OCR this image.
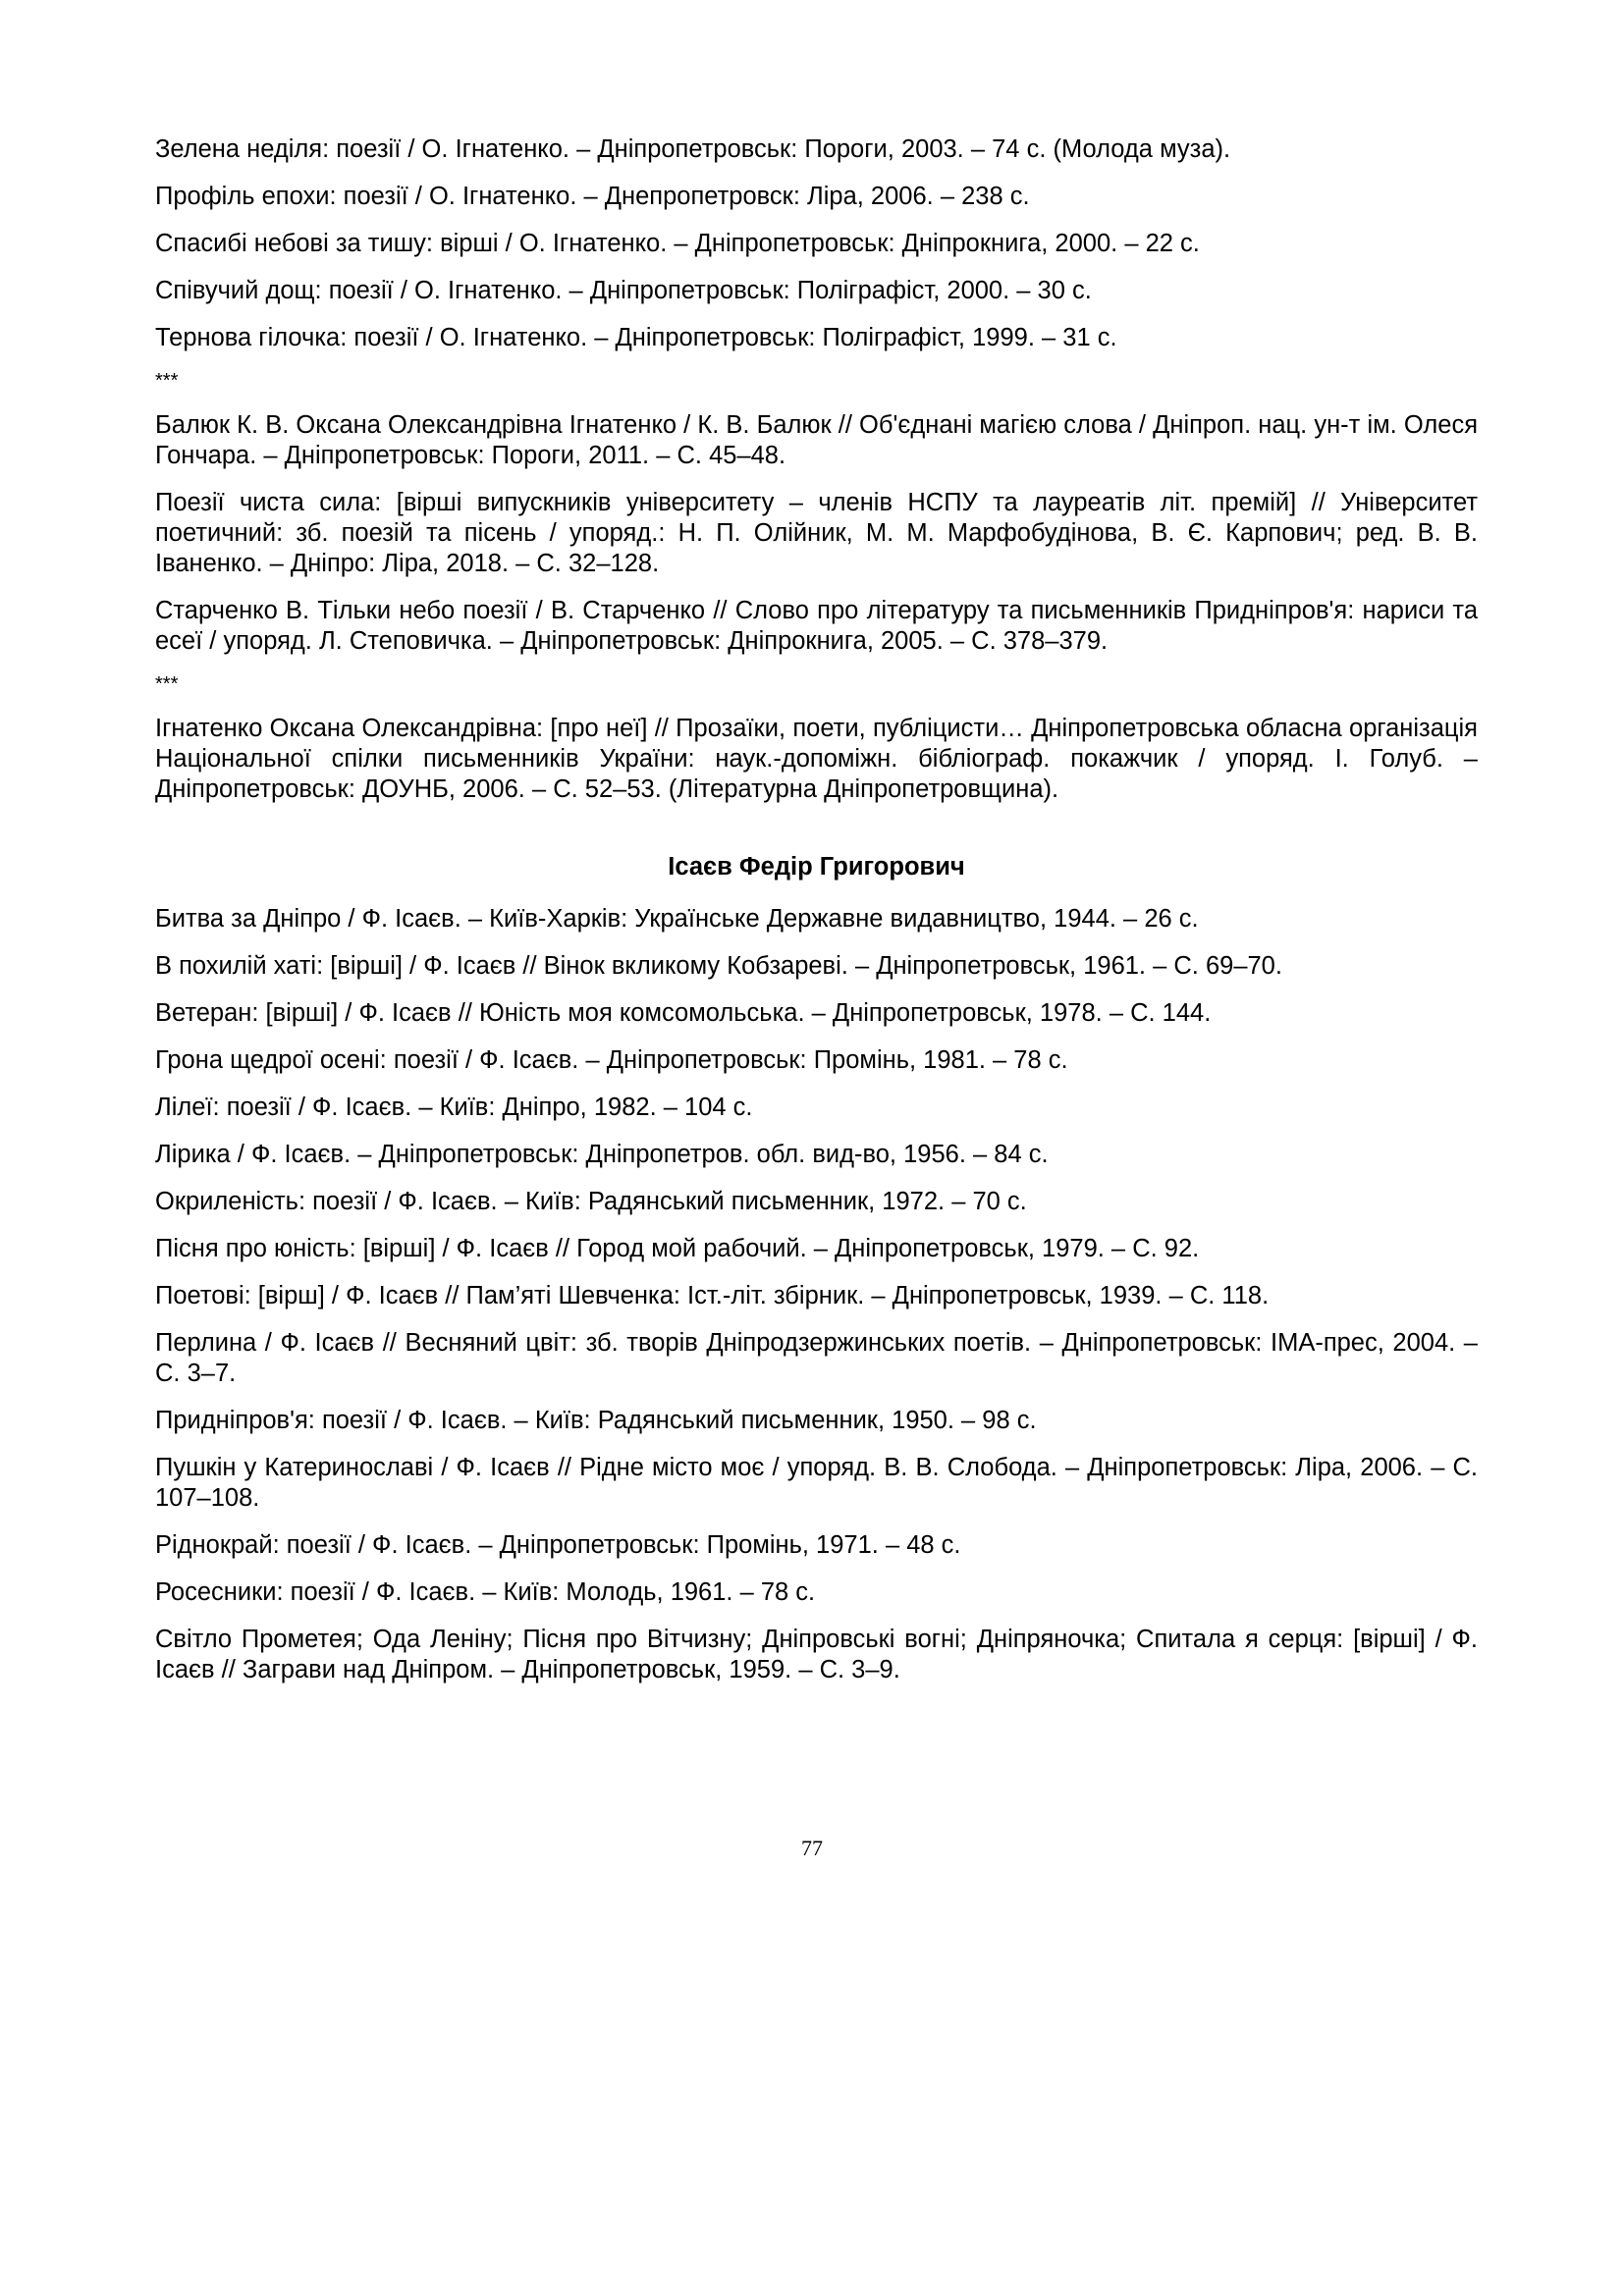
Зелена неділя: поезії / О. Ігнатенко. – Дніпропетровськ: Пороги, 2003. – 74 с. (Молода муза).

Профіль епохи: поезії / О. Ігнатенко. – Днепропетровск: Ліра, 2006. – 238 с.

Спасибі небові за тишу: вірші / О. Ігнатенко. – Дніпропетровськ: Дніпрокнига, 2000. – 22 с.

Співучий дощ: поезії / О. Ігнатенко. – Дніпропетровськ: Поліграфіст, 2000. – 30 с.

Тернова гілочка: поезії / О. Ігнатенко. – Дніпропетровськ: Поліграфіст, 1999. – 31 с.

***

Балюк К. В. Оксана Олександрівна Ігнатенко / К. В. Балюк // Об'єднані магією слова / Дніпроп. нац. ун-т ім. Олеся Гончара. – Дніпропетровськ: Пороги, 2011. – С. 45–48.

Поезії чиста сила: [вірші випускників університету – членів НСПУ та лауреатів літ. премій] // Університет поетичний: зб. поезій та пісень / упоряд.: Н. П. Олійник, М. М. Марфобудінова, В. Є. Карпович; ред. В. В. Іваненко. – Дніпро: Ліра, 2018. – С. 32–128.

Старченко В. Тільки небо поезії / В. Старченко // Слово про літературу та письменників Придніпров'я: нариси та есеї / упоряд. Л. Степовичка. – Дніпропетровськ: Дніпрокнига, 2005. – С. 378–379.

***

Ігнатенко Оксана Олександрівна: [про неї] // Прозаїки, поети, публіцисти… Дніпропетровська обласна організація Національної спілки письменників України: наук.-допоміжн. бібліограф. покажчик / упоряд. І. Голуб. – Дніпропетровськ: ДОУНБ, 2006. – С. 52–53. (Літературна Дніпропетровщина).

Ісаєв Федір Григорович

Битва за Дніпро / Ф. Ісаєв. – Київ-Харків: Українське Державне видавництво, 1944. – 26 с.

В похилій хаті: [вірші] / Ф. Ісаєв // Вінок вкликому Кобзареві. – Дніпропетровськ, 1961. – С. 69–70.

Ветеран: [вірші] / Ф. Ісаєв // Юність моя комсомольська. – Дніпропетровськ, 1978. – С. 144.

Грона щедрої осені: поезії / Ф. Ісаєв. – Дніпропетровськ: Промінь, 1981. – 78 с.

Лілеї: поезії / Ф. Ісаєв. – Київ: Дніпро, 1982. – 104 с.

Лірика / Ф. Ісаєв. – Дніпропетровськ: Дніпропетров. обл. вид-во, 1956. – 84 с.

Окриленість: поезії / Ф. Ісаєв. – Київ: Радянський письменник, 1972. – 70 с.

Пісня про юність: [вірші] / Ф. Ісаєв // Город мой рабочий. – Дніпропетровськ, 1979. – С. 92.

Поетові: [вірш] / Ф. Ісаєв // Пам’яті Шевченка: Іст.-літ. збірник. – Дніпропетровськ, 1939. – С. 118.

Перлина / Ф. Ісаєв // Весняний цвіт: зб. творів Дніпродзержинських поетів. – Дніпропетровськ: ІМА-прес, 2004. – С. 3–7.

Придніпров'я: поезії / Ф. Ісаєв. – Київ: Радянський письменник, 1950. – 98 с.

Пушкін у Катеринославі / Ф. Ісаєв // Рідне місто моє / упоряд. В. В. Слобода. – Дніпропетровськ: Ліра, 2006. – С. 107–108.

Ріднокрай: поезії / Ф. Ісаєв. – Дніпропетровськ: Промінь, 1971. – 48 с.

Росесники: поезії / Ф. Ісаєв. – Київ: Молодь, 1961. – 78 с.

Світло Прометея; Ода Леніну; Пісня про Вітчизну; Дніпровські вогні; Дніпряночка; Спитала я серця: [вірші] / Ф. Ісаєв // Заграви над Дніпром. – Дніпропетровськ, 1959. – С. 3–9.

77
